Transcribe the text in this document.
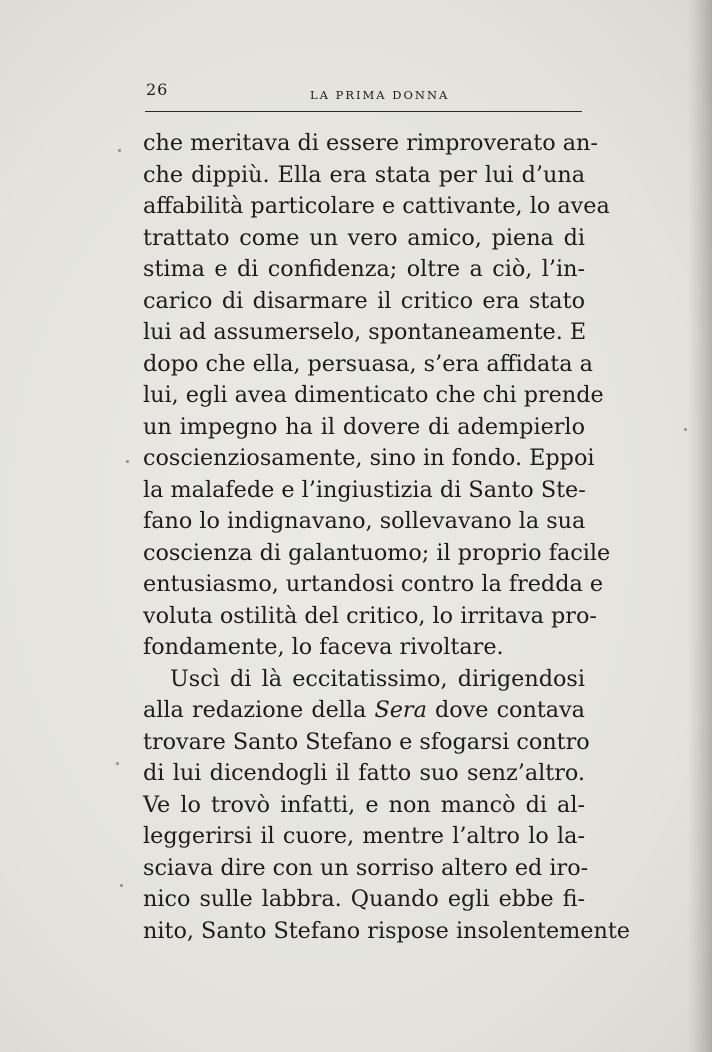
26	LA PRIMA DONNA
che meritava di essere rimproverato an-
che dippiù. Ella era stata per lui d’una
affabilità particolare e cattivante, lo avea
trattato come un vero amico, piena di
stima e di confidenza; oltre a ciò, l’in-
carico di disarmare il critico era stato
lui ad assumerselo, spontaneamente. E
dopo che ella, persuasa, s’era affidata a
lui, egli avea dimenticato che chi prende
un impegno ha il dovere di adempierlo
coscienziosamente, sino in fondo. Eppoi
la malafede e l’ingiustizia di Santo Ste-
fano lo indignavano, sollevavano la sua
coscienza di galantuomo; il proprio facile
entusiasmo, urtandosi contro la fredda e
voluta ostilità del critico, lo irritava pro-
fondamente, lo faceva rivoltare.
Uscì di là eccitatissimo, dirigendosi
alla redazione della Sera dove contava
trovare Santo Stefano e sfogarsi contro
di lui dicendogli il fatto suo senz’altro.
Ve lo trovò infatti, e non mancò di al-
leggerirsi il cuore, mentre l’altro lo la-
sciava dire con un sorriso altero ed iro-
nico sulle labbra. Quando egli ebbe fi-
nito, Santo Stefano rispose insolentemente
